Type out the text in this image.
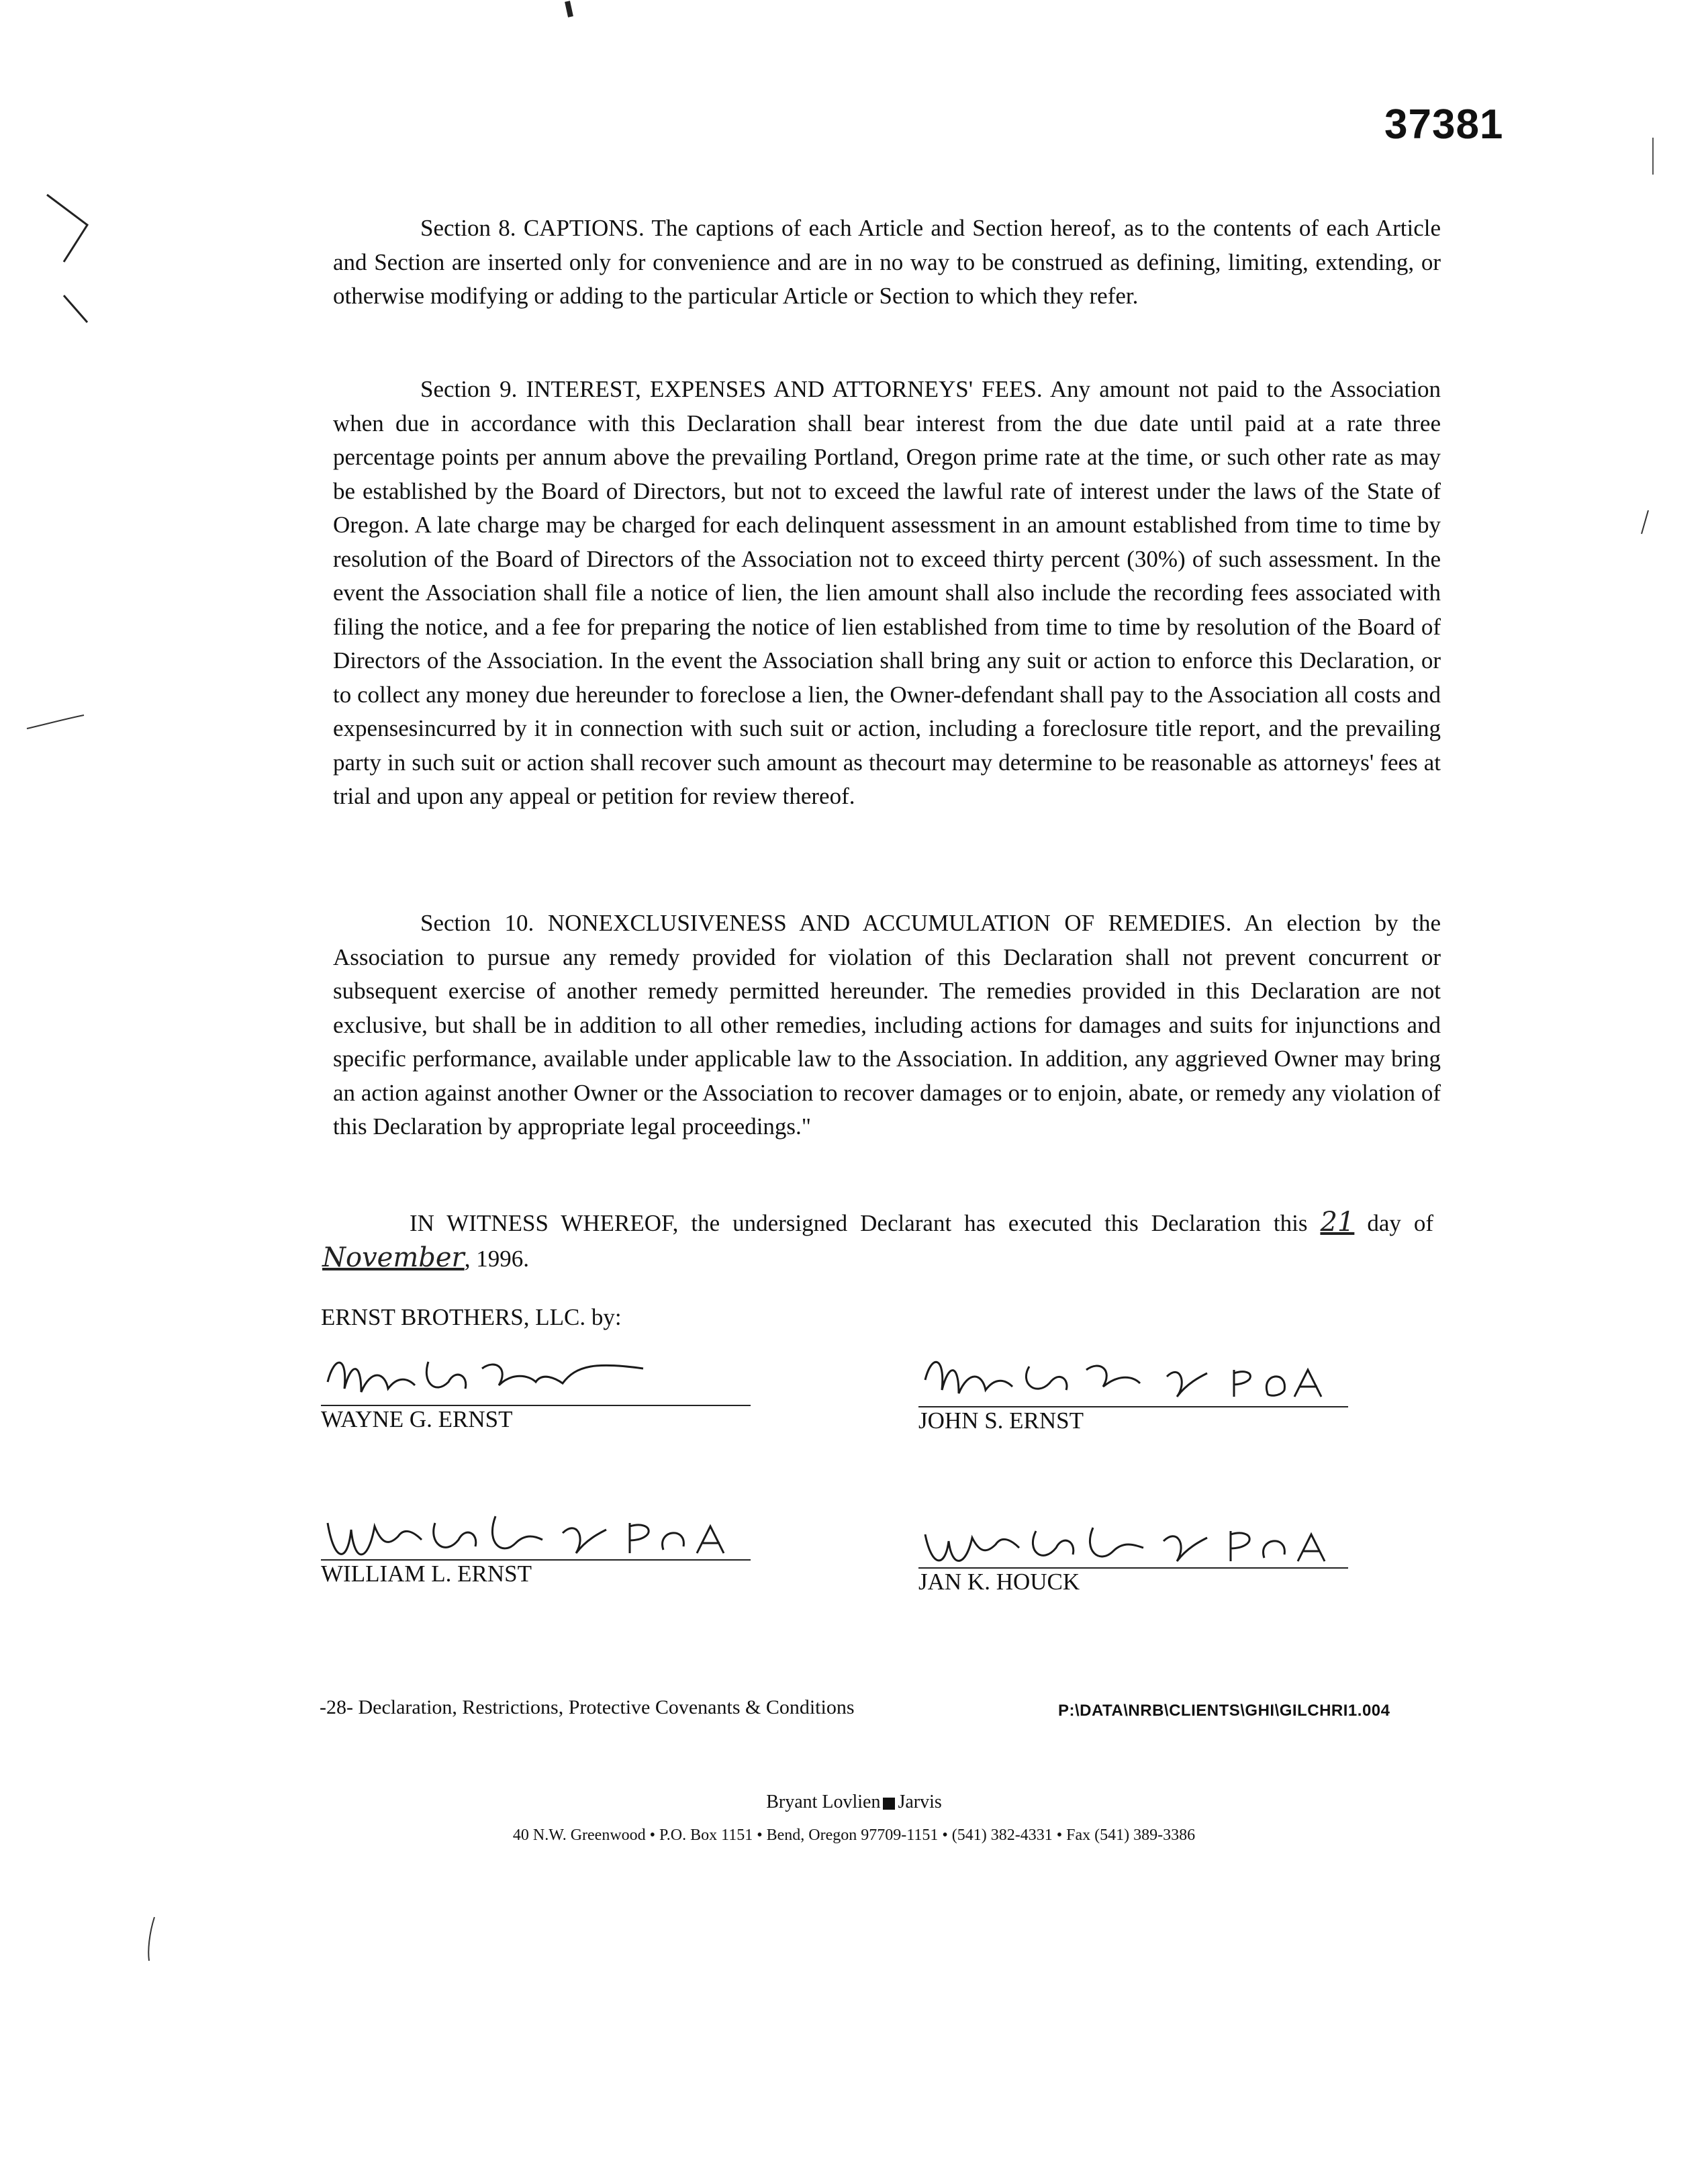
37381

Section 8. CAPTIONS. The captions of each Article and Section hereof, as to the contents of each Article and Section are inserted only for convenience and are in no way to be construed as defining, limiting, extending, or otherwise modifying or adding to the particular Article or Section to which they refer.

Section 9. INTEREST, EXPENSES AND ATTORNEYS' FEES. Any amount not paid to the Association when due in accordance with this Declaration shall bear interest from the due date until paid at a rate three percentage points per annum above the prevailing Portland, Oregon prime rate at the time, or such other rate as may be established by the Board of Directors, but not to exceed the lawful rate of interest under the laws of the State of Oregon. A late charge may be charged for each delinquent assessment in an amount established from time to time by resolution of the Board of Directors of the Association not to exceed thirty percent (30%) of such assessment. In the event the Association shall file a notice of lien, the lien amount shall also include the recording fees associated with filing the notice, and a fee for preparing the notice of lien established from time to time by resolution of the Board of Directors of the Association. In the event the Association shall bring any suit or action to enforce this Declaration, or to collect any money due hereunder to foreclose a lien, the Owner-defendant shall pay to the Association all costs and expensesincurred by it in connection with such suit or action, including a foreclosure title report, and the prevailing party in such suit or action shall recover such amount as thecourt may determine to be reasonable as attorneys' fees at trial and upon any appeal or petition for review thereof.

Section 10. NONEXCLUSIVENESS AND ACCUMULATION OF REMEDIES. An election by the Association to pursue any remedy provided for violation of this Declaration shall not prevent concurrent or subsequent exercise of another remedy permitted hereunder. The remedies provided in this Declaration are not exclusive, but shall be in addition to all other remedies, including actions for damages and suits for injunctions and specific performance, available under applicable law to the Association. In addition, any aggrieved Owner may bring an action against another Owner or the Association to recover damages or to enjoin, abate, or remedy any violation of this Declaration by appropriate legal proceedings."

IN WITNESS WHEREOF, the undersigned Declarant has executed this Declaration this 21 day of November, 1996.

ERNST BROTHERS, LLC. by:
WAYNE G. ERNST	JOHN S. ERNST
WILLIAM L. ERNST	JAN K. HOUCK
-28- Declaration, Restrictions, Protective Covenants & Conditions	P:\DATA\NRB\CLIENTS\GHI\GILCHRI1.004
Bryant Lovlien Jarvis
40 N.W. Greenwood • P.O. Box 1151 • Bend, Oregon 97709-1151 • (541) 382-4331 • Fax (541) 389-3386
